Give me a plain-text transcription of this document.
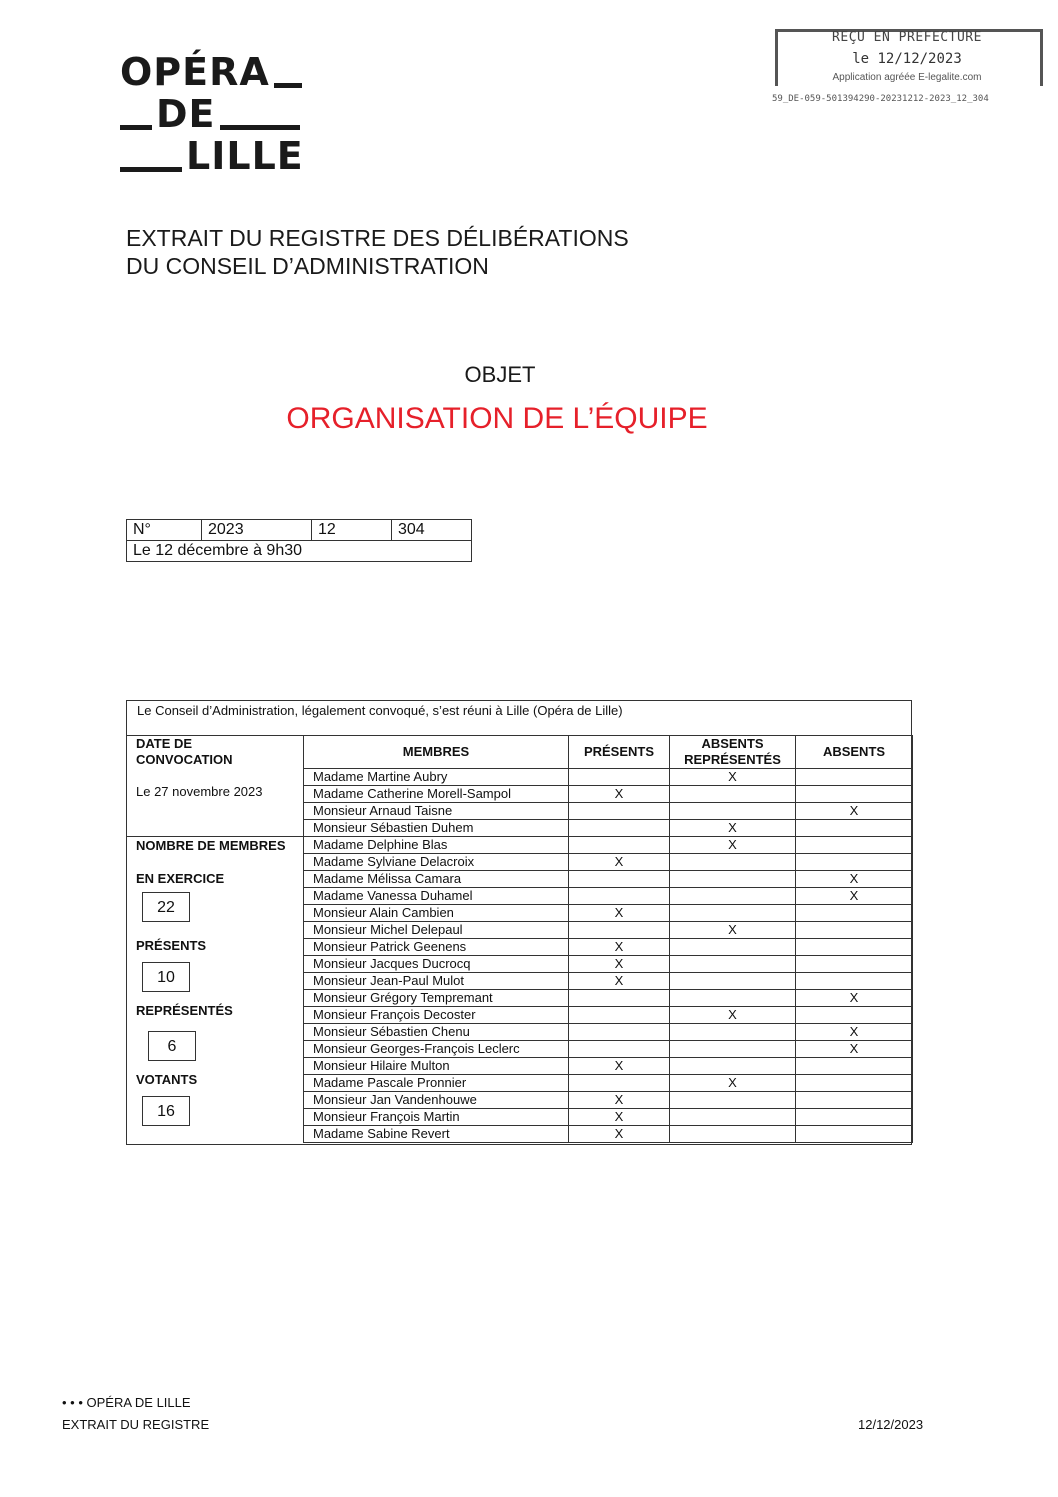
REÇU EN PREFECTURE
le 12/12/2023
Application agréée E-legalite.com
59_DE-059-501394290-20231212-2023_12_304
OPÉRA
DE
LILLE
EXTRAIT DU REGISTRE DES DÉLIBÉRATIONS
DU CONSEIL D’ADMINISTRATION
OBJET
ORGANISATION DE L’ÉQUIPE
N°	2023	12	304
Le 12 décembre à 9h30
Le Conseil d’Administration, légalement convoqué, s’est réuni à Lille (Opéra de Lille)
DATE DE CONVOCATION
Le 27 novembre 2023
NOMBRE DE MEMBRES
EN EXERCICE
22
PRÉSENTS
10
REPRÉSENTÉS
6
VOTANTS
16
MEMBRES	PRÉSENTS	ABSENTS REPRÉSENTÉS	ABSENTS
Madame Martine Aubry		X	
Madame Catherine Morell-Sampol	X		
Monsieur Arnaud Taisne			X
Monsieur Sébastien Duhem		X	
Madame Delphine Blas		X	
Madame Sylviane Delacroix	X		
Madame Mélissa Camara			X
Madame Vanessa Duhamel			X
Monsieur Alain Cambien	X		
Monsieur Michel Delepaul		X	
Monsieur Patrick Geenens	X		
Monsieur Jacques Ducrocq	X		
Monsieur Jean-Paul Mulot	X		
Monsieur Grégory Tempremant			X
Monsieur François Decoster		X	
Monsieur Sébastien Chenu			X
Monsieur Georges-François Leclerc			X
Monsieur Hilaire Multon	X		
Madame Pascale Pronnier		X	
Monsieur Jan Vandenhouwe	X		
Monsieur François Martin	X		
Madame Sabine Revert	X		
• • • OPÉRA DE LILLE
EXTRAIT DU REGISTRE	12/12/2023
